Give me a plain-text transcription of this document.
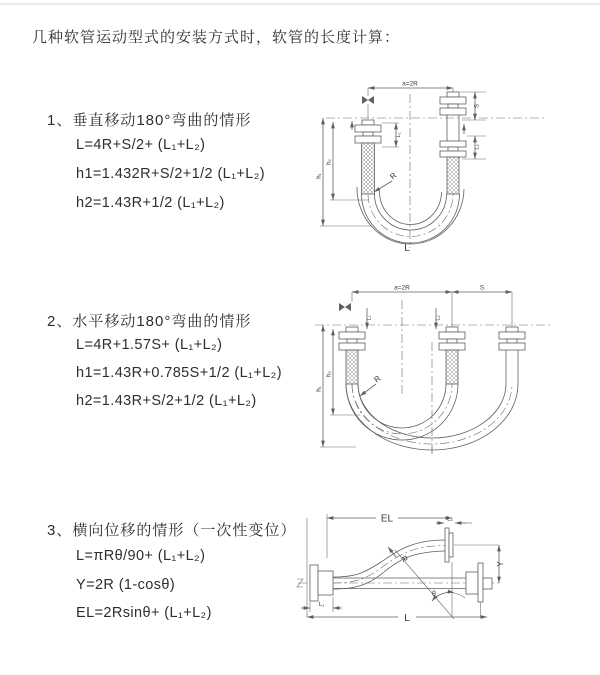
几种软管运动型式的安装方式时，软管的长度计算：
1、垂直移动180°弯曲的情形
L=4R+S/2+ (L₁+L₂)
h1=1.432R+S/2+1/2 (L₁+L₂)
h2=1.43R+1/2 (L₁+L₂)
2、水平移动180°弯曲的情形
L=4R+1.57S+ (L₁+L₂)
h1=1.43R+0.785S+1/2 (L₁+L₂)
h2=1.43R+S/2+1/2 (L₁+L₂)
3、横向位移的情形（一次性变位）
L=πRθ/90+ (L₁+L₂)
Y=2R (1-cosθ)
EL=2Rsinθ+ (L₁+L₂)
a=2R
R
h₁
h₂
L₁
S
L₂
L
a=2R	S
R
h₁
h₂
L₁	L₂
EL	L₂
θ
R
L₁
L
Y
